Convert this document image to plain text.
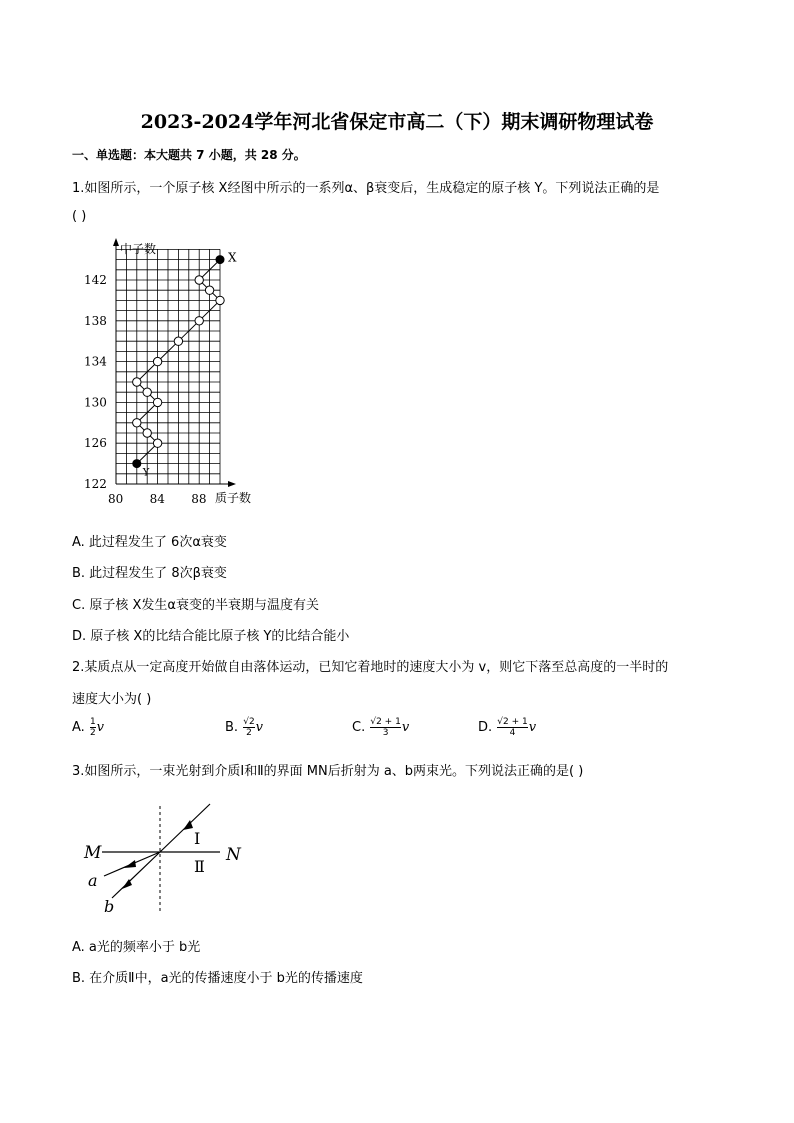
2023-2024学年河北省保定市高二（下）期末调研物理试卷
一、单选题：本大题共 7 小题，共 28 分。
1.如图所示，一个原子核 X经图中所示的一系列α、β衰变后，生成稳定的原子核 Y。下列说法正确的是
( )
中子数
质子数
142
138
134
130
126
122
80 84 88
X
Y
A. 此过程发生了 6次α衰变
B. 此过程发生了 8次β衰变
C. 原子核 X发生α衰变的半衰期与温度有关
D. 原子核 X的比结合能比原子核 Y的比结合能小
2.某质点从一定高度开始做自由落体运动，已知它着地时的速度大小为 v，则它下落至总高度的一半时的
速度大小为( )
A. $\frac{1}{2}$ v	B. $\frac{√2}{2}$ v	C. $\frac{√2 + 1}{3}$ v	D. $\frac{√2 + 1}{4}$ v
3.如图所示，一束光射到介质Ⅰ和Ⅱ的界面 MN后折射为 a、b两束光。下列说法正确的是( )
M	N
Ⅰ
Ⅱ
a
b
A. a光的频率小于 b光
B. 在介质Ⅱ中，a光的传播速度小于 b光的传播速度
